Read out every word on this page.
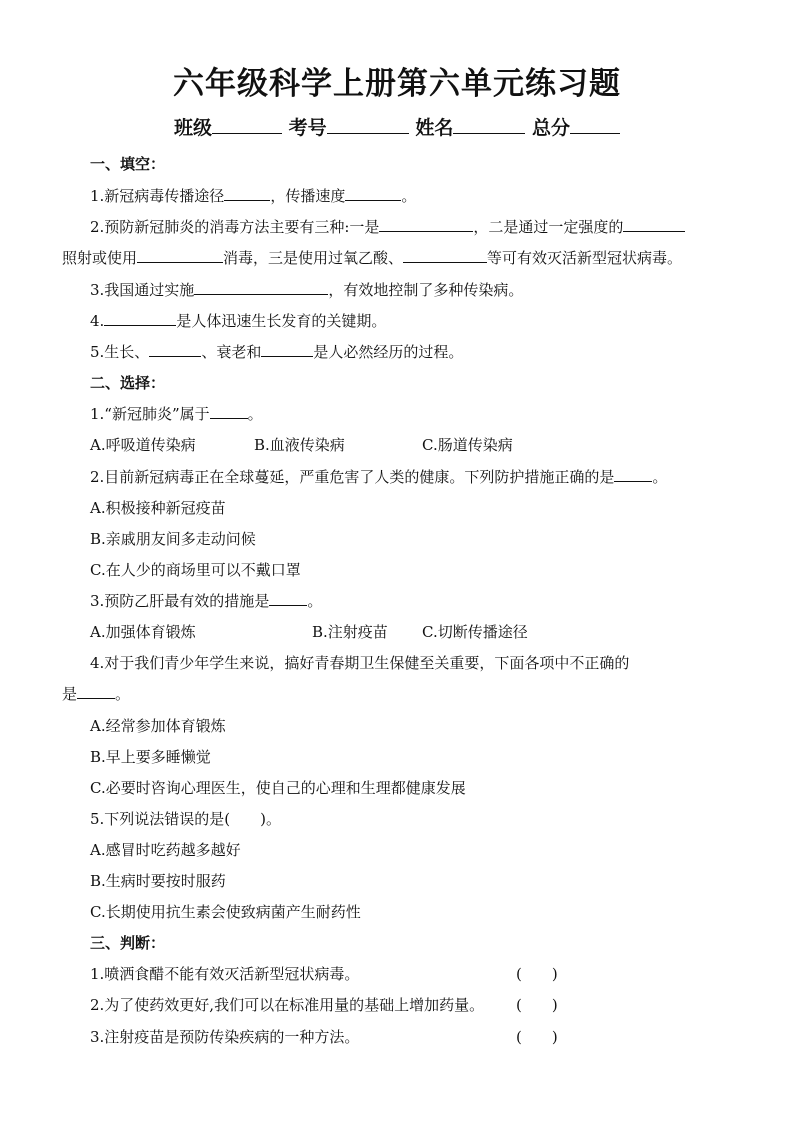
六年级科学上册第六单元练习题
班级	考号	姓名	总分
一、填空：
1.新冠病毒传播途径	，传播速度	。
2.预防新冠肺炎的消毒方法主要有三种:一是	，二是通过一定强度的
照射或使用	消毒，三是使用过氧乙酸、	等可有效灭活新型冠状病毒。
3.我国通过实施	，有效地控制了多种传染病。
4.	是人体迅速生长发育的关键期。
5.生长、	、衰老和	是人必然经历的过程。
二、选择：
1.“新冠肺炎”属于	。
A.呼吸道传染病	B.血液传染病	C.肠道传染病
2.目前新冠病毒正在全球蔓延，严重危害了人类的健康。下列防护措施正确的是	。
A.积极接种新冠疫苗
B.亲戚朋友间多走动问候
C.在人少的商场里可以不戴口罩
3.预防乙肝最有效的措施是	。
A.加强体育锻炼	B.注射疫苗 C.切断传播途径
4.对于我们青少年学生来说，搞好青春期卫生保健至关重要，下面各项中不正确的
是	。
A.经常参加体育锻炼
B.早上要多睡懒觉
C.必要时咨询心理医生，使自己的心理和生理都健康发展
5.下列说法错误的是(　　)。
A.感冒时吃药越多越好
B.生病时要按时服药
C.长期使用抗生素会使致病菌产生耐药性
三、判断：
1.喷洒食醋不能有效灭活新型冠状病毒。	(　　)
2.为了使药效更好,我们可以在标准用量的基础上增加药量。 (　　)
3.注射疫苗是预防传染疾病的一种方法。	(　　)
